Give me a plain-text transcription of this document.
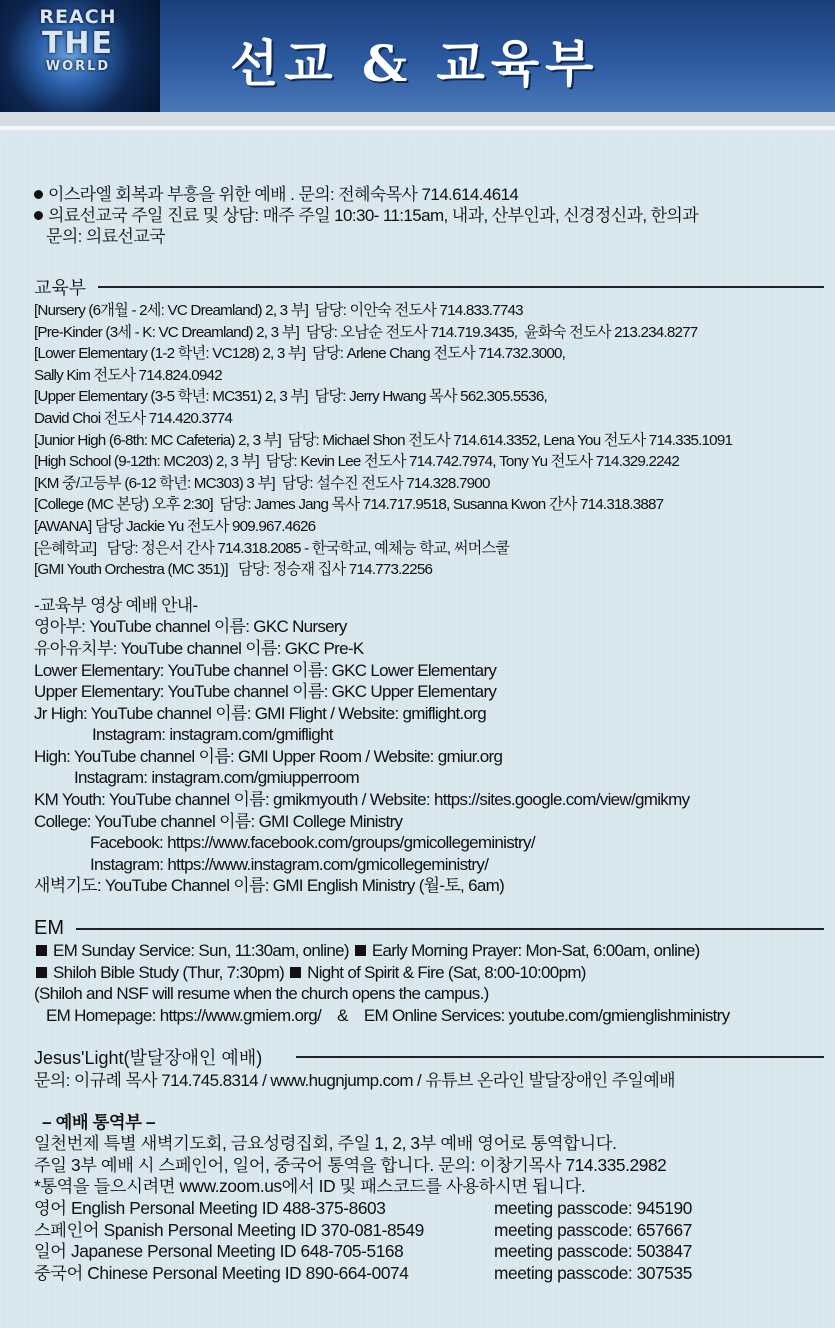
REACH
THE
WORLD	선교 & 교육부
이스라엘 회복과 부흥을 위한 예배 . 문의: 전혜숙목사 714.614.4614
의료선교국 주일 진료 및 상담: 매주 주일 10:30- 11:15am, 내과, 산부인과, 신경정신과, 한의과
문의: 의료선교국
교육부
[Nursery (6개월 - 2세: VC Dreamland) 2, 3 부]  담당: 이안숙 전도사 714.833.7743
[Pre-Kinder (3세 - K: VC Dreamland) 2, 3 부]  담당: 오남순 전도사 714.719.3435,  윤화숙 전도사 213.234.8277
[Lower Elementary (1-2 학년: VC128) 2, 3 부]  담당: Arlene Chang 전도사 714.732.3000,
Sally Kim 전도사 714.824.0942
[Upper Elementary (3-5 학년: MC351) 2, 3 부]  담당: Jerry Hwang 목사 562.305.5536,
David Choi 전도사 714.420.3774
[Junior High (6-8th: MC Cafeteria) 2, 3 부]  담당: Michael Shon 전도사 714.614.3352, Lena You 전도사 714.335.1091
[High School (9-12th: MC203) 2, 3 부]  담당: Kevin Lee 전도사 714.742.7974, Tony Yu 전도사 714.329.2242
[KM 중/고등부 (6-12 학년: MC303) 3 부]  담당: 설수진 전도사 714.328.7900
[College (MC 본당) 오후 2:30]  담당: James Jang 목사 714.717.9518, Susanna Kwon 간사 714.318.3887
[AWANA] 담당 Jackie Yu 전도사 909.967.4626
[은혜학교]   담당: 정은서 간사 714.318.2085 - 한국학교, 예체능 학교, 써머스쿨
[GMI Youth Orchestra (MC 351)]   담당: 정승재 집사 714.773.2256
-교육부 영상 예배 안내-
영아부: YouTube channel 이름: GKC Nursery
유아유치부: YouTube channel 이름: GKC Pre-K
Lower Elementary: YouTube channel 이름: GKC Lower Elementary
Upper Elementary: YouTube channel 이름: GKC Upper Elementary
Jr High: YouTube channel 이름: GMI Flight / Website: gmiflight.org
Instagram: instagram.com/gmiflight
High: YouTube channel 이름: GMI Upper Room / Website: gmiur.org
Instagram: instagram.com/gmiupperroom
KM Youth: YouTube channel 이름: gmikmyouth / Website: https://sites.google.com/view/gmikmy
College: YouTube channel 이름: GMI College Ministry
Facebook: https://www.facebook.com/groups/gmicollegeministry/
Instagram: https://www.instagram.com/gmicollegeministry/
새벽기도: YouTube Channel 이름: GMI English Ministry (월-토, 6am)
EM
EM Sunday Service: Sun, 11:30am, online) Early Morning Prayer: Mon-Sat, 6:00am, online)
Shiloh Bible Study (Thur, 7:30pm) Night of Spirit & Fire (Sat, 8:00-10:00pm)
(Shiloh and NSF will resume when the church opens the campus.)
EM Homepage: https://www.gmiem.org/    &    EM Online Services: youtube.com/gmienglishministry
Jesus'Light(발달장애인 예배)
문의: 이규례 목사 714.745.8314 / www.hugnjump.com / 유튜브 온라인 발달장애인 주일예배
– 예배 통역부 –
일천번제 특별 새벽기도회, 금요성령집회, 주일 1, 2, 3부 예배 영어로 통역합니다.
주일 3부 예배 시 스페인어, 일어, 중국어 통역을 합니다. 문의: 이창기목사 714.335.2982
*통역을 들으시려면 www.zoom.us에서 ID 및 패스코드를 사용하시면 됩니다.
영어 English Personal Meeting ID 488-375-8603	meeting passcode: 945190
스페인어 Spanish Personal Meeting ID 370-081-8549	meeting passcode: 657667
일어 Japanese Personal Meeting ID 648-705-5168	meeting passcode: 503847
중국어 Chinese Personal Meeting ID 890-664-0074	meeting passcode: 307535
